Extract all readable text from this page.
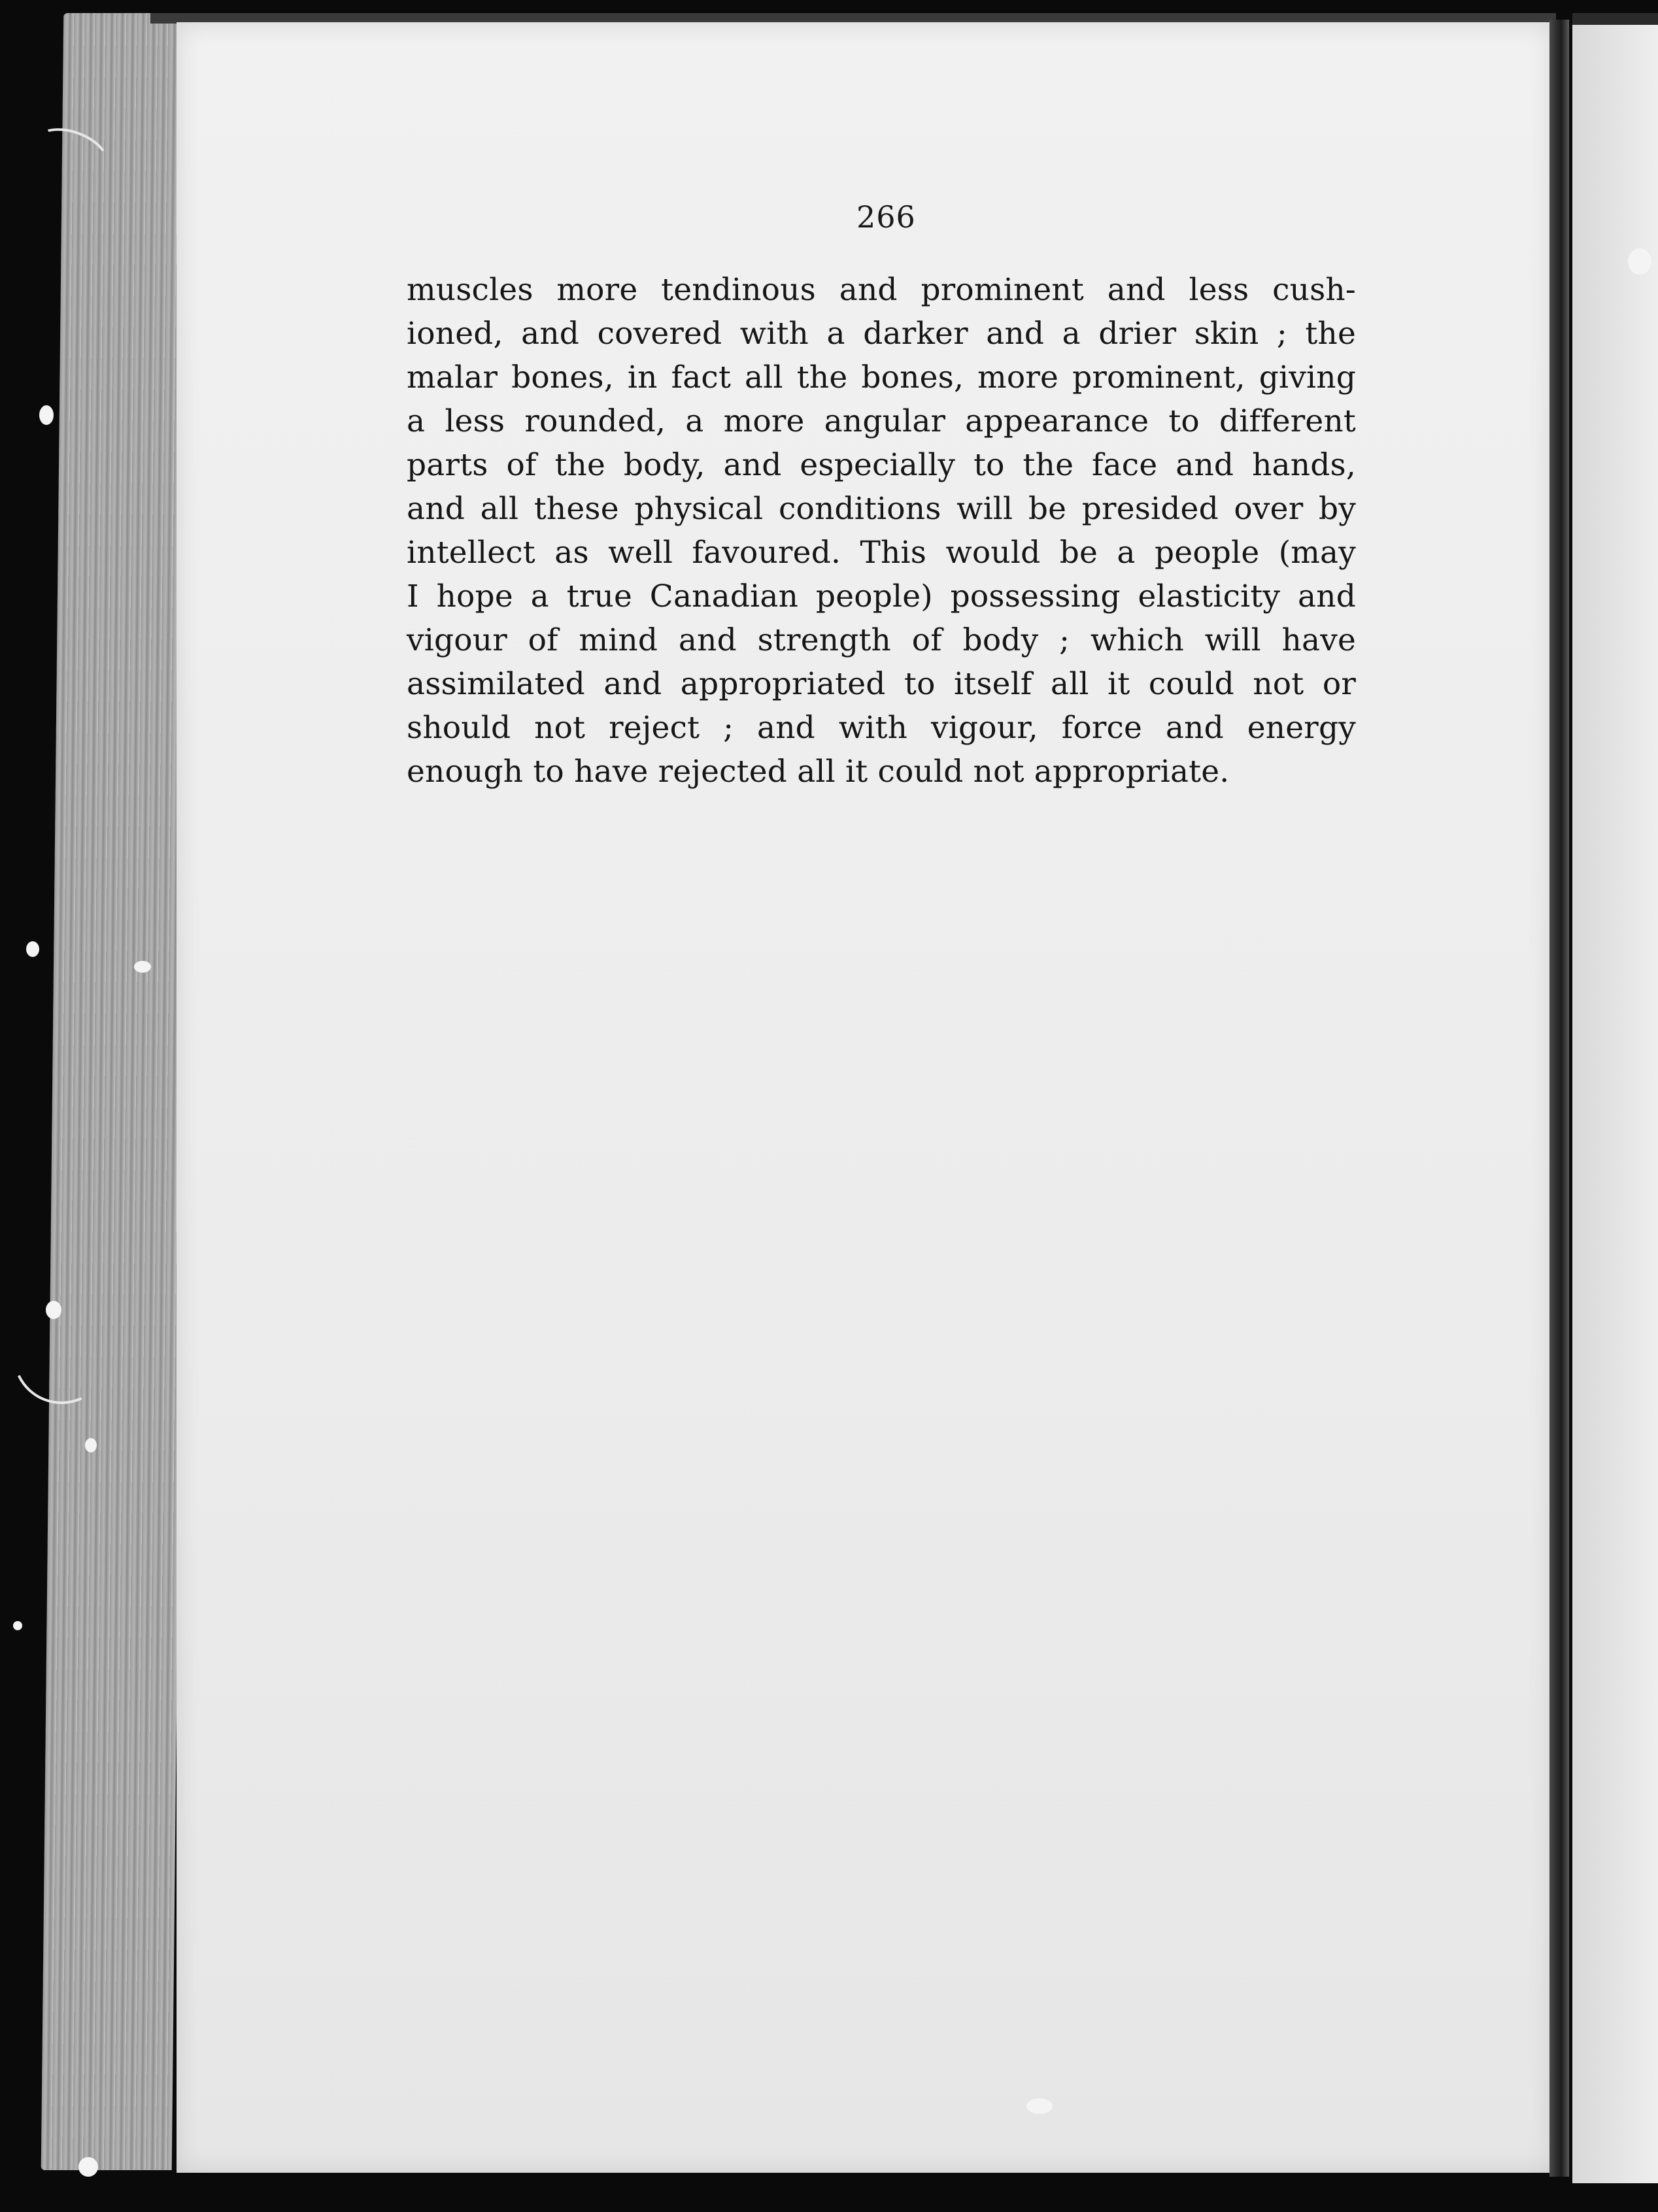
266
muscles more tendinous and prominent and less cush-
ioned, and covered with a darker and a drier skin ; the
malar bones, in fact all the bones, more prominent, giving
a less rounded, a more angular appearance to different
parts of the body, and especially to the face and hands,
and all these physical conditions will be presided over by
intellect as well favoured. This would be a people (may
I hope a true Canadian people) possessing elasticity and
vigour of mind and strength of body ; which will have
assimilated and appropriated to itself all it could not or
should not reject ; and with vigour, force and energy
enough to have rejected all it could not appropriate.
